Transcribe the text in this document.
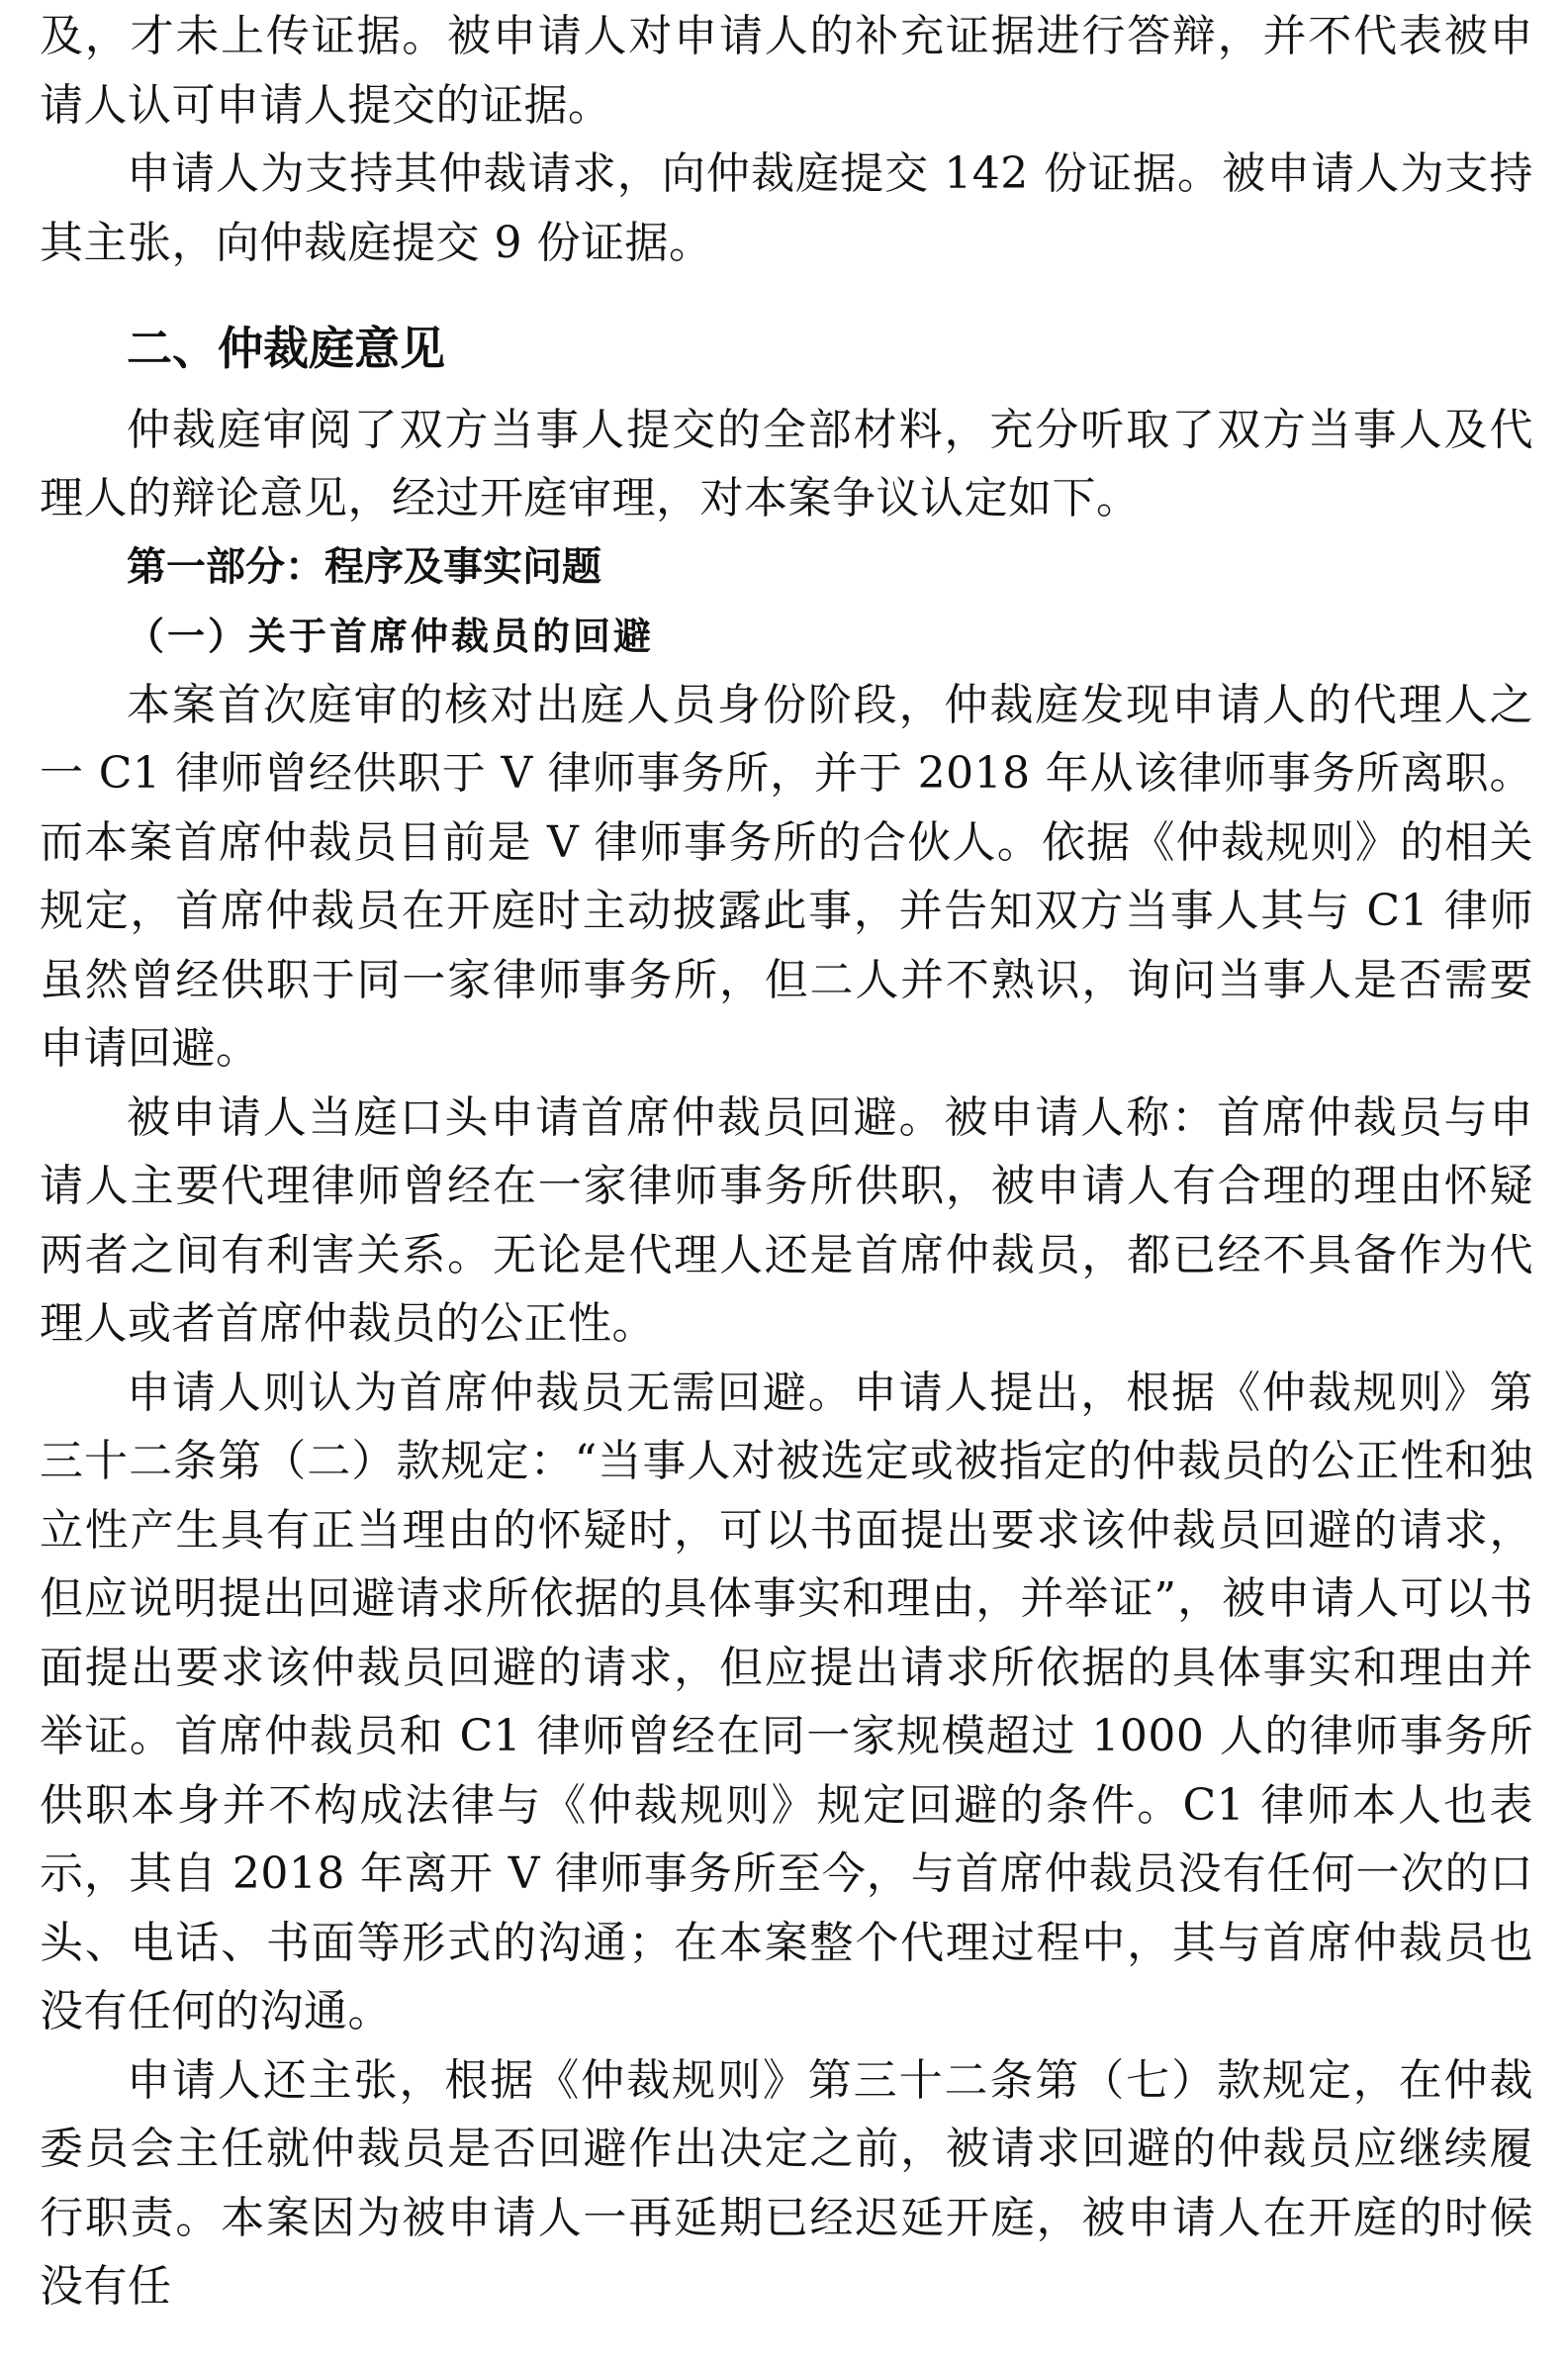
及，才未上传证据。被申请人对申请人的补充证据进行答辩，并不代表被申请人认可申请人提交的证据。

申请人为支持其仲裁请求，向仲裁庭提交 142 份证据。被申请人为支持其主张，向仲裁庭提交 9 份证据。

二、仲裁庭意见

仲裁庭审阅了双方当事人提交的全部材料，充分听取了双方当事人及代理人的辩论意见，经过开庭审理，对本案争议认定如下。

第一部分：程序及事实问题
（一）关于首席仲裁员的回避

本案首次庭审的核对出庭人员身份阶段，仲裁庭发现申请人的代理人之一 C1 律师曾经供职于 V 律师事务所，并于 2018 年从该律师事务所离职。而本案首席仲裁员目前是 V 律师事务所的合伙人。依据《仲裁规则》的相关规定，首席仲裁员在开庭时主动披露此事，并告知双方当事人其与 C1 律师虽然曾经供职于同一家律师事务所，但二人并不熟识，询问当事人是否需要申请回避。

被申请人当庭口头申请首席仲裁员回避。被申请人称：首席仲裁员与申请人主要代理律师曾经在一家律师事务所供职，被申请人有合理的理由怀疑两者之间有利害关系。无论是代理人还是首席仲裁员，都已经不具备作为代理人或者首席仲裁员的公正性。

申请人则认为首席仲裁员无需回避。申请人提出，根据《仲裁规则》第三十二条第（二）款规定：“当事人对被选定或被指定的仲裁员的公正性和独立性产生具有正当理由的怀疑时，可以书面提出要求该仲裁员回避的请求，但应说明提出回避请求所依据的具体事实和理由，并举证”，被申请人可以书面提出要求该仲裁员回避的请求，但应提出请求所依据的具体事实和理由并举证。首席仲裁员和 C1 律师曾经在同一家规模超过 1000 人的律师事务所供职本身并不构成法律与《仲裁规则》规定回避的条件。C1 律师本人也表示，其自 2018 年离开 V 律师事务所至今，与首席仲裁员没有任何一次的口头、电话、书面等形式的沟通；在本案整个代理过程中，其与首席仲裁员也没有任何的沟通。

申请人还主张，根据《仲裁规则》第三十二条第（七）款规定，在仲裁委员会主任就仲裁员是否回避作出决定之前，被请求回避的仲裁员应继续履行职责。本案因为被申请人一再延期已经迟延开庭，被申请人在开庭的时候没有任
